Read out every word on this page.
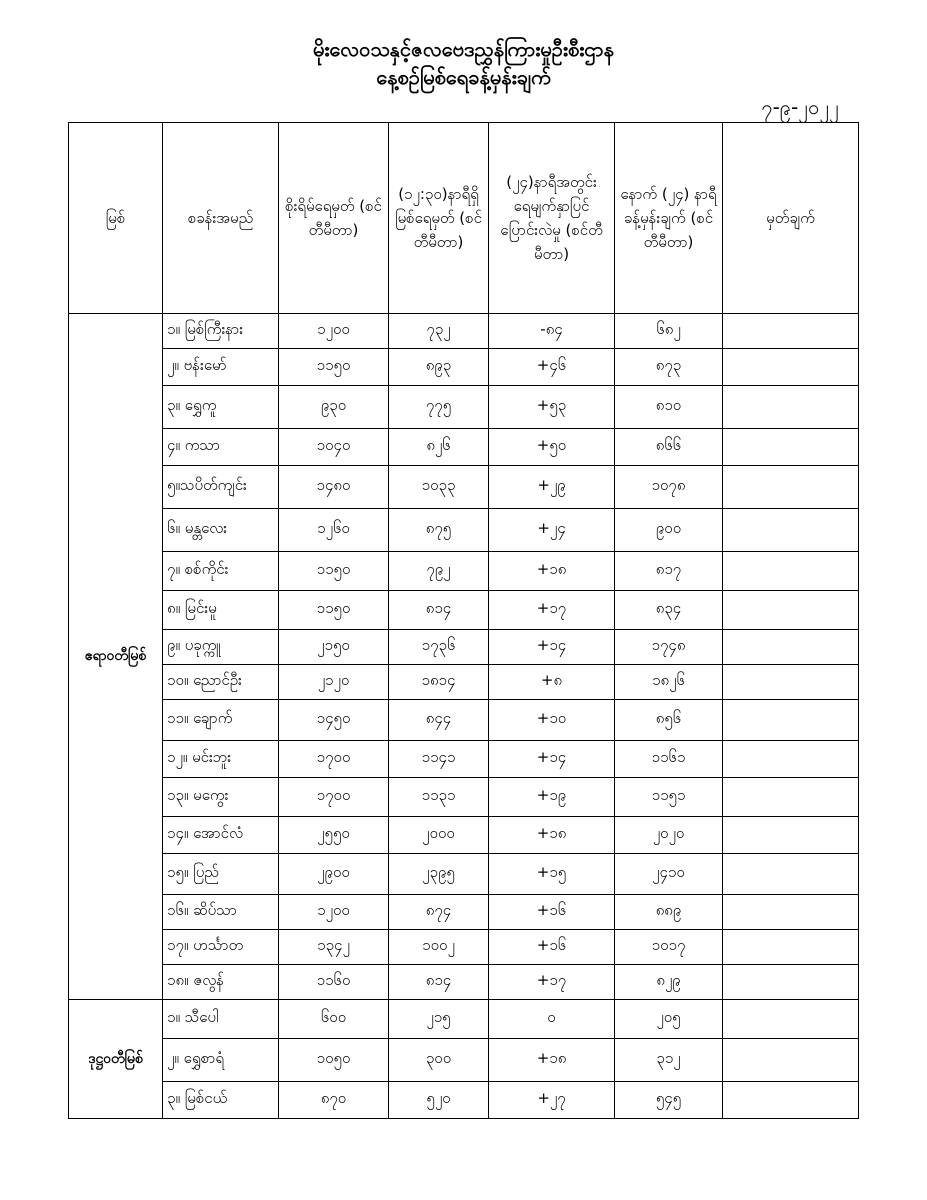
မိုးလေဝသနှင့်ဇလဗေဒညွှန်ကြားမှုဦးစီးဌာန
နေ့စဉ်မြစ်ရေခန့်မှန်းချက်
၇-၉-၂၀၂၂
မြစ်	စခန်းအမည်	စိုးရိမ်ရေမှတ် (စင်တီမီတာ)	(၁၂:၃၀)နာရီရှိ မြစ်ရေမှတ် (စင်တီမီတာ)	(၂၄)နာရီအတွင်း ရေမျက်နှာပြင် ပြောင်းလဲမှု (စင်တီမီတာ)	နောက် (၂၄) နာရီ ခန့်မှန်းချက် (စင်တီမီတာ)	မှတ်ချက်
ဧရာဝတီမြစ်	၁။ မြစ်ကြီးနား	၁၂၀၀	၇၃၂	-၈၄	၆၈၂	
	၂။ ဗန်းမော်	၁၁၅၀	၈၉၃	+၄၆	၈၇၃	
	၃။ ရွှေကူ	၉၃၀	၇၇၅	+၅၃	၈၁၀	
	၄။ ကသာ	၁၀၄၀	၈၂၆	+၅၀	၈၆၆	
	၅။သပိတ်ကျင်း	၁၄၈၀	၁၀၃၃	+၂၉	၁၀၇၈	
	၆။ မန္တလေး	၁၂၆၀	၈၇၅	+၂၄	၉၀၀	
	၇။ စစ်ကိုင်း	၁၁၅၀	၇၉၂	+၁၈	၈၁၇	
	၈။ မြင်းမူ	၁၁၅၀	၈၁၄	+၁၇	၈၃၄	
	၉။ ပခုက္ကူ	၂၁၅၀	၁၇၃၆	+၁၄	၁၇၄၈	
	၁၀။ ညောင်ဦး	၂၁၂၀	၁၈၁၄	+၈	၁၈၂၆	
	၁၁။ ချောက်	၁၄၅၀	၈၄၄	+၁၀	၈၅၆	
	၁၂။ မင်းဘူး	၁၇၀၀	၁၁၄၁	+၁၄	၁၁၆၁	
	၁၃။ မကွေး	၁၇၀၀	၁၁၃၁	+၁၉	၁၁၅၁	
	၁၄။ အောင်လံ	၂၅၅၀	၂၀၀၀	+၁၈	၂၀၂၀	
	၁၅။ ပြည်	၂၉၀၀	၂၃၉၅	+၁၅	၂၄၁၀	
	၁၆။ ဆိပ်သာ	၁၂၀၀	၈၇၄	+၁၆	၈၈၉	
	၁၇။ ဟင်္သာတ	၁၃၄၂	၁၀၀၂	+၁၆	၁၀၁၇	
	၁၈။ ဇလွန်	၁၁၆၀	၈၁၄	+၁၇	၈၂၉	
ဒုဋ္ဌဝတီမြစ်	၁။ သီပေါ	၆၀၀	၂၁၅	၀	၂၀၅	
	၂။ ရွှေစာရံ	၁၀၅၀	၃၀၀	+၁၈	၃၁၂	
	၃။ မြစ်ငယ်	၈၇၀	၅၂၀	+၂၇	၅၄၅	
